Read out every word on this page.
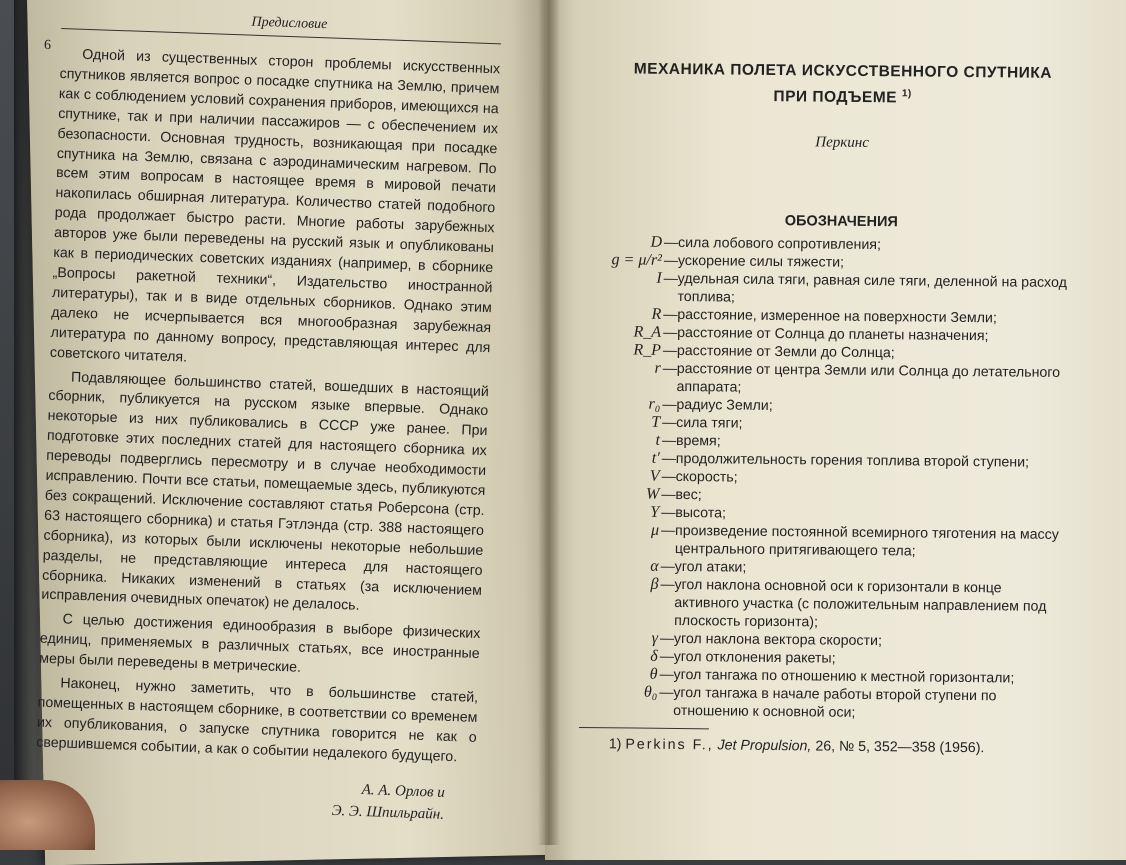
Предисловие

Одной из существенных сторон проблемы искусственных спутников является вопрос о посадке спутника на Землю, причем как с соблюдением условий сохранения приборов, имеющихся на спутнике, так и при наличии пассажиров — с обеспечением их безопасности. Основная трудность, возникающая при посадке спутника на Землю, связана с аэродинамическим нагревом. По всем этим вопросам в настоящее время в мировой печати накопилась обширная литература. Количество статей подобного рода продолжает быстро расти. Многие работы зарубежных авторов уже были переведены на русский язык и опубликованы как в периодических советских изданиях (например, в сборнике „Вопросы ракетной техники“, Издательство иностранной литературы), так и в виде отдельных сборников. Однако этим далеко не исчерпывается вся многообразная зарубежная литература по данному вопросу, представляющая интерес для советского читателя.

Подавляющее большинство статей, вошедших в настоящий сборник, публикуется на русском языке впервые. Однако некоторые из них публиковались в СССР уже ранее. При подготовке этих последних статей для настоящего сборника их переводы подверглись пересмотру и в случае необходимости исправлению. Почти все статьи, помещаемые здесь, публикуются без сокращений. Исключение составляют статья Роберсона (стр. 63 настоящего сборника) и статья Гэтлэнда (стр. 388 настоящего сборника), из которых были исключены некоторые небольшие разделы, не представляющие интереса для настоящего сборника. Никаких изменений в статьях (за исключением исправления очевидных опечаток) не делалось.

С целью достижения единообразия в выборе физических единиц, применяемых в различных статьях, все иностранные меры были переведены в метрические.

Наконец, нужно заметить, что в большинстве статей, помещенных в настоящем сборнике, в соответствии со временем их опубликования, о запуске спутника говорится не как о свершившемся событии, а как о событии недалекого будущего.

А. А. Орлов и
Э. Э. Шпильрайн.
6
МЕХАНИКА ПОЛЕТА ИСКУССТВЕННОГО СПУТНИКА
ПРИ ПОДЪЕМЕ $^{1)}$
Перкинс
ОБОЗНАЧЕНИЯ
D — сила лобового сопротивления;
g = μ/r² — ускорение силы тяжести;
I — удельная сила тяги, равная силе тяги, деленной на расход топлива;
R — расстояние, измеренное на поверхности Земли;
R_A — расстояние от Солнца до планеты назначения;
R_P — расстояние от Земли до Солнца;
r — расстояние от центра Земли или Солнца до летательного аппарата;
r₀ — радиус Земли;
T — сила тяги;
t — время;
t′ — продолжительность горения топлива второй ступени;
V — скорость;
W — вес;
Y — высота;
μ — произведение постоянной всемирного тяготения на массу центрального притягивающего тела;
α — угол атаки;
β — угол наклона основной оси к горизонтали в конце активного участка (с положительным направлением под плоскость горизонта);
γ — угол наклона вектора скорости;
δ — угол отклонения ракеты;
θ — угол тангажа по отношению к местной горизонтали;
θ₀ — угол тангажа в начале работы второй ступени по отношению к основной оси;
1) Perkins F., Jet Propulsion, 26, № 5, 352—358 (1956).
